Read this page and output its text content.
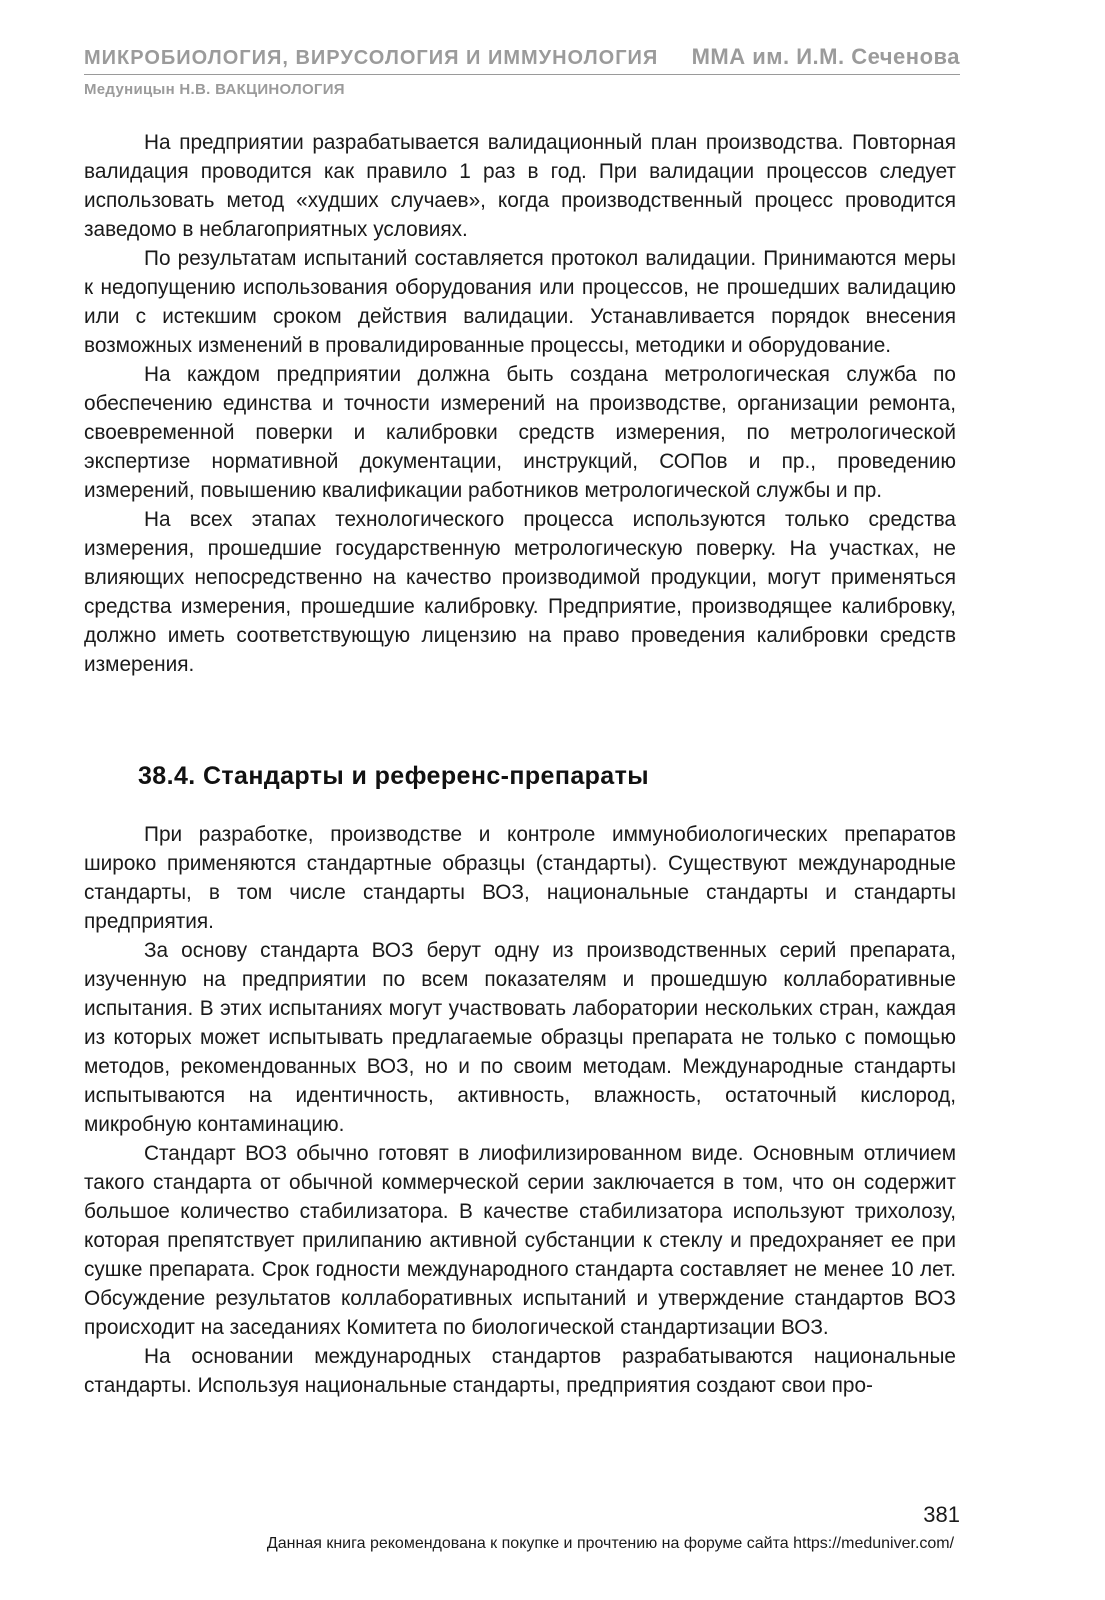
МИКРОБИОЛОГИЯ, ВИРУСОЛОГИЯ И ИММУНОЛОГИЯ ММА им. И.М. Сеченова
Медуницын Н.В. ВАКЦИНОЛОГИЯ

На предприятии разрабатывается валидационный план производства. Повторная валидация проводится как правило 1 раз в год. При валидации процессов следует использовать метод «худших случаев», когда производственный процесс проводится заведомо в неблагоприятных условиях.

По результатам испытаний составляется протокол валидации. Принимаются меры к недопущению использования оборудования или процессов, не прошедших валидацию или с истекшим сроком действия валидации. Устанавливается порядок внесения возможных изменений в провалидированные процессы, методики и оборудование.

На каждом предприятии должна быть создана метрологическая служба по обеспечению единства и точности измерений на производстве, организации ремонта, своевременной поверки и калибровки средств измерения, по метрологической экспертизе нормативной документации, инструкций, СОПов и пр., проведению измерений, повышению квалификации работников метрологической службы и пр.

На всех этапах технологического процесса используются только средства измерения, прошедшие государственную метрологическую поверку. На участках, не влияющих непосредственно на качество производимой продукции, могут применяться средства измерения, прошедшие калибровку. Предприятие, производящее калибровку, должно иметь соответствующую лицензию на право проведения калибровки средств измерения.

38.4. Стандарты и референс-препараты

При разработке, производстве и контроле иммунобиологических препаратов широко применяются стандартные образцы (стандарты). Существуют международные стандарты, в том числе стандарты ВОЗ, национальные стандарты и стандарты предприятия.

За основу стандарта ВОЗ берут одну из производственных серий препарата, изученную на предприятии по всем показателям и прошедшую коллаборативные испытания. В этих испытаниях могут участвовать лаборатории нескольких стран, каждая из которых может испытывать предлагаемые образцы препарата не только с помощью методов, рекомендованных ВОЗ, но и по своим методам. Международные стандарты испытываются на идентичность, активность, влажность, остаточный кислород, микробную контаминацию.

Стандарт ВОЗ обычно готовят в лиофилизированном виде. Основным отличием такого стандарта от обычной коммерческой серии заключается в том, что он содержит большое количество стабилизатора. В качестве стабилизатора используют трихолозу, которая препятствует прилипанию активной субстанции к стеклу и предохраняет ее при сушке препарата. Срок годности международного стандарта составляет не менее 10 лет. Обсуждение результатов коллаборативных испытаний и утверждение стандартов ВОЗ происходит на заседаниях Комитета по биологической стандартизации ВОЗ.

На основании международных стандартов разрабатываются национальные стандарты. Используя национальные стандарты, предприятия создают свои про-

381
Данная книга рекомендована к покупке и прочтению на форуме сайта https://meduniver.com/
